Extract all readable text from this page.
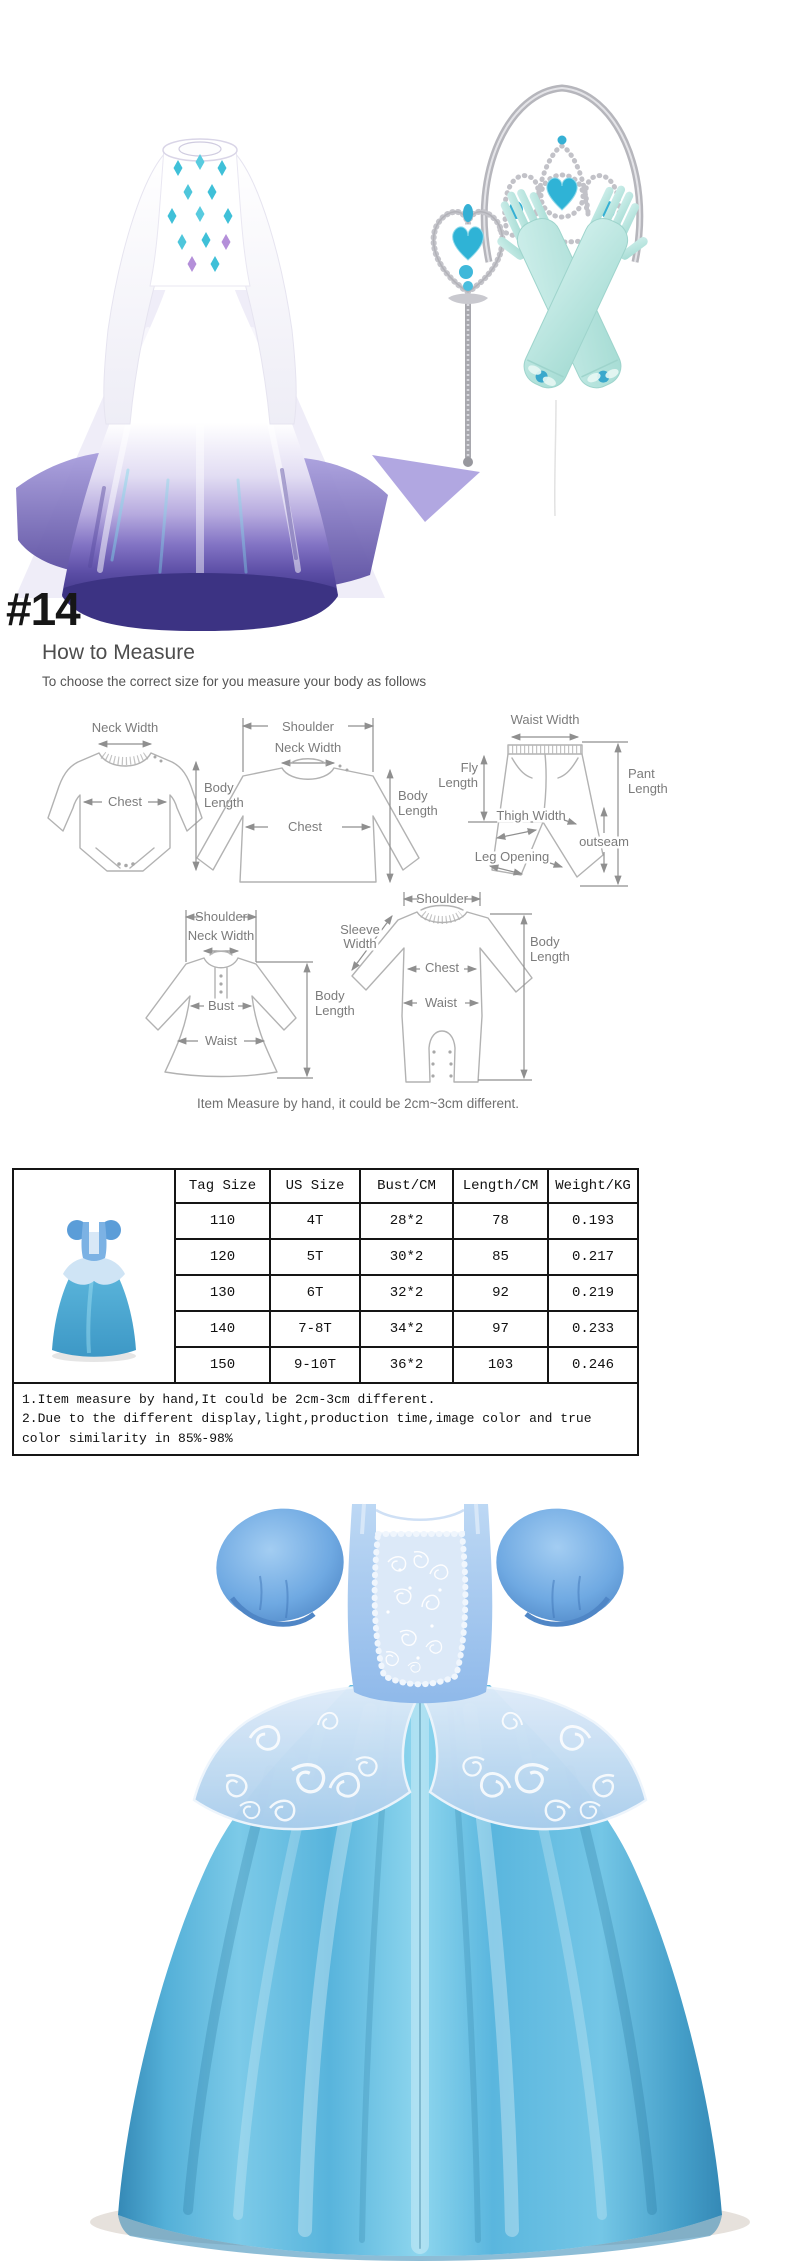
#14
How to Measure
To choose the correct size for you measure your body as follows
Neck Width
Chest
Body
Length
Shoulder
Neck Width
Chest
Body
Length
Waist Width
Fly
Length
Pant
Length
Thigh Width
Leg Opening
outseam
Shoulder
Neck Width
Bust
Waist
Body
Length
Shoulder
Sleeve
Width
Chest
Waist
Body
Length
Item Measure by hand, it could be 2cm~3cm different.
	Tag Size	US Size	Bust/CM	Length/CM	Weight/KG
	110	4T	28*2	78	0.193
	120	5T	30*2	85	0.217
	130	6T	32*2	92	0.219
	140	7-8T	34*2	97	0.233
	150	9-10T	36*2	103	0.246

1.Item measure by hand,It could be 2cm-3cm different.
2.Due to the different display,light,production time,image color and true color similarity in 85%-98%					
